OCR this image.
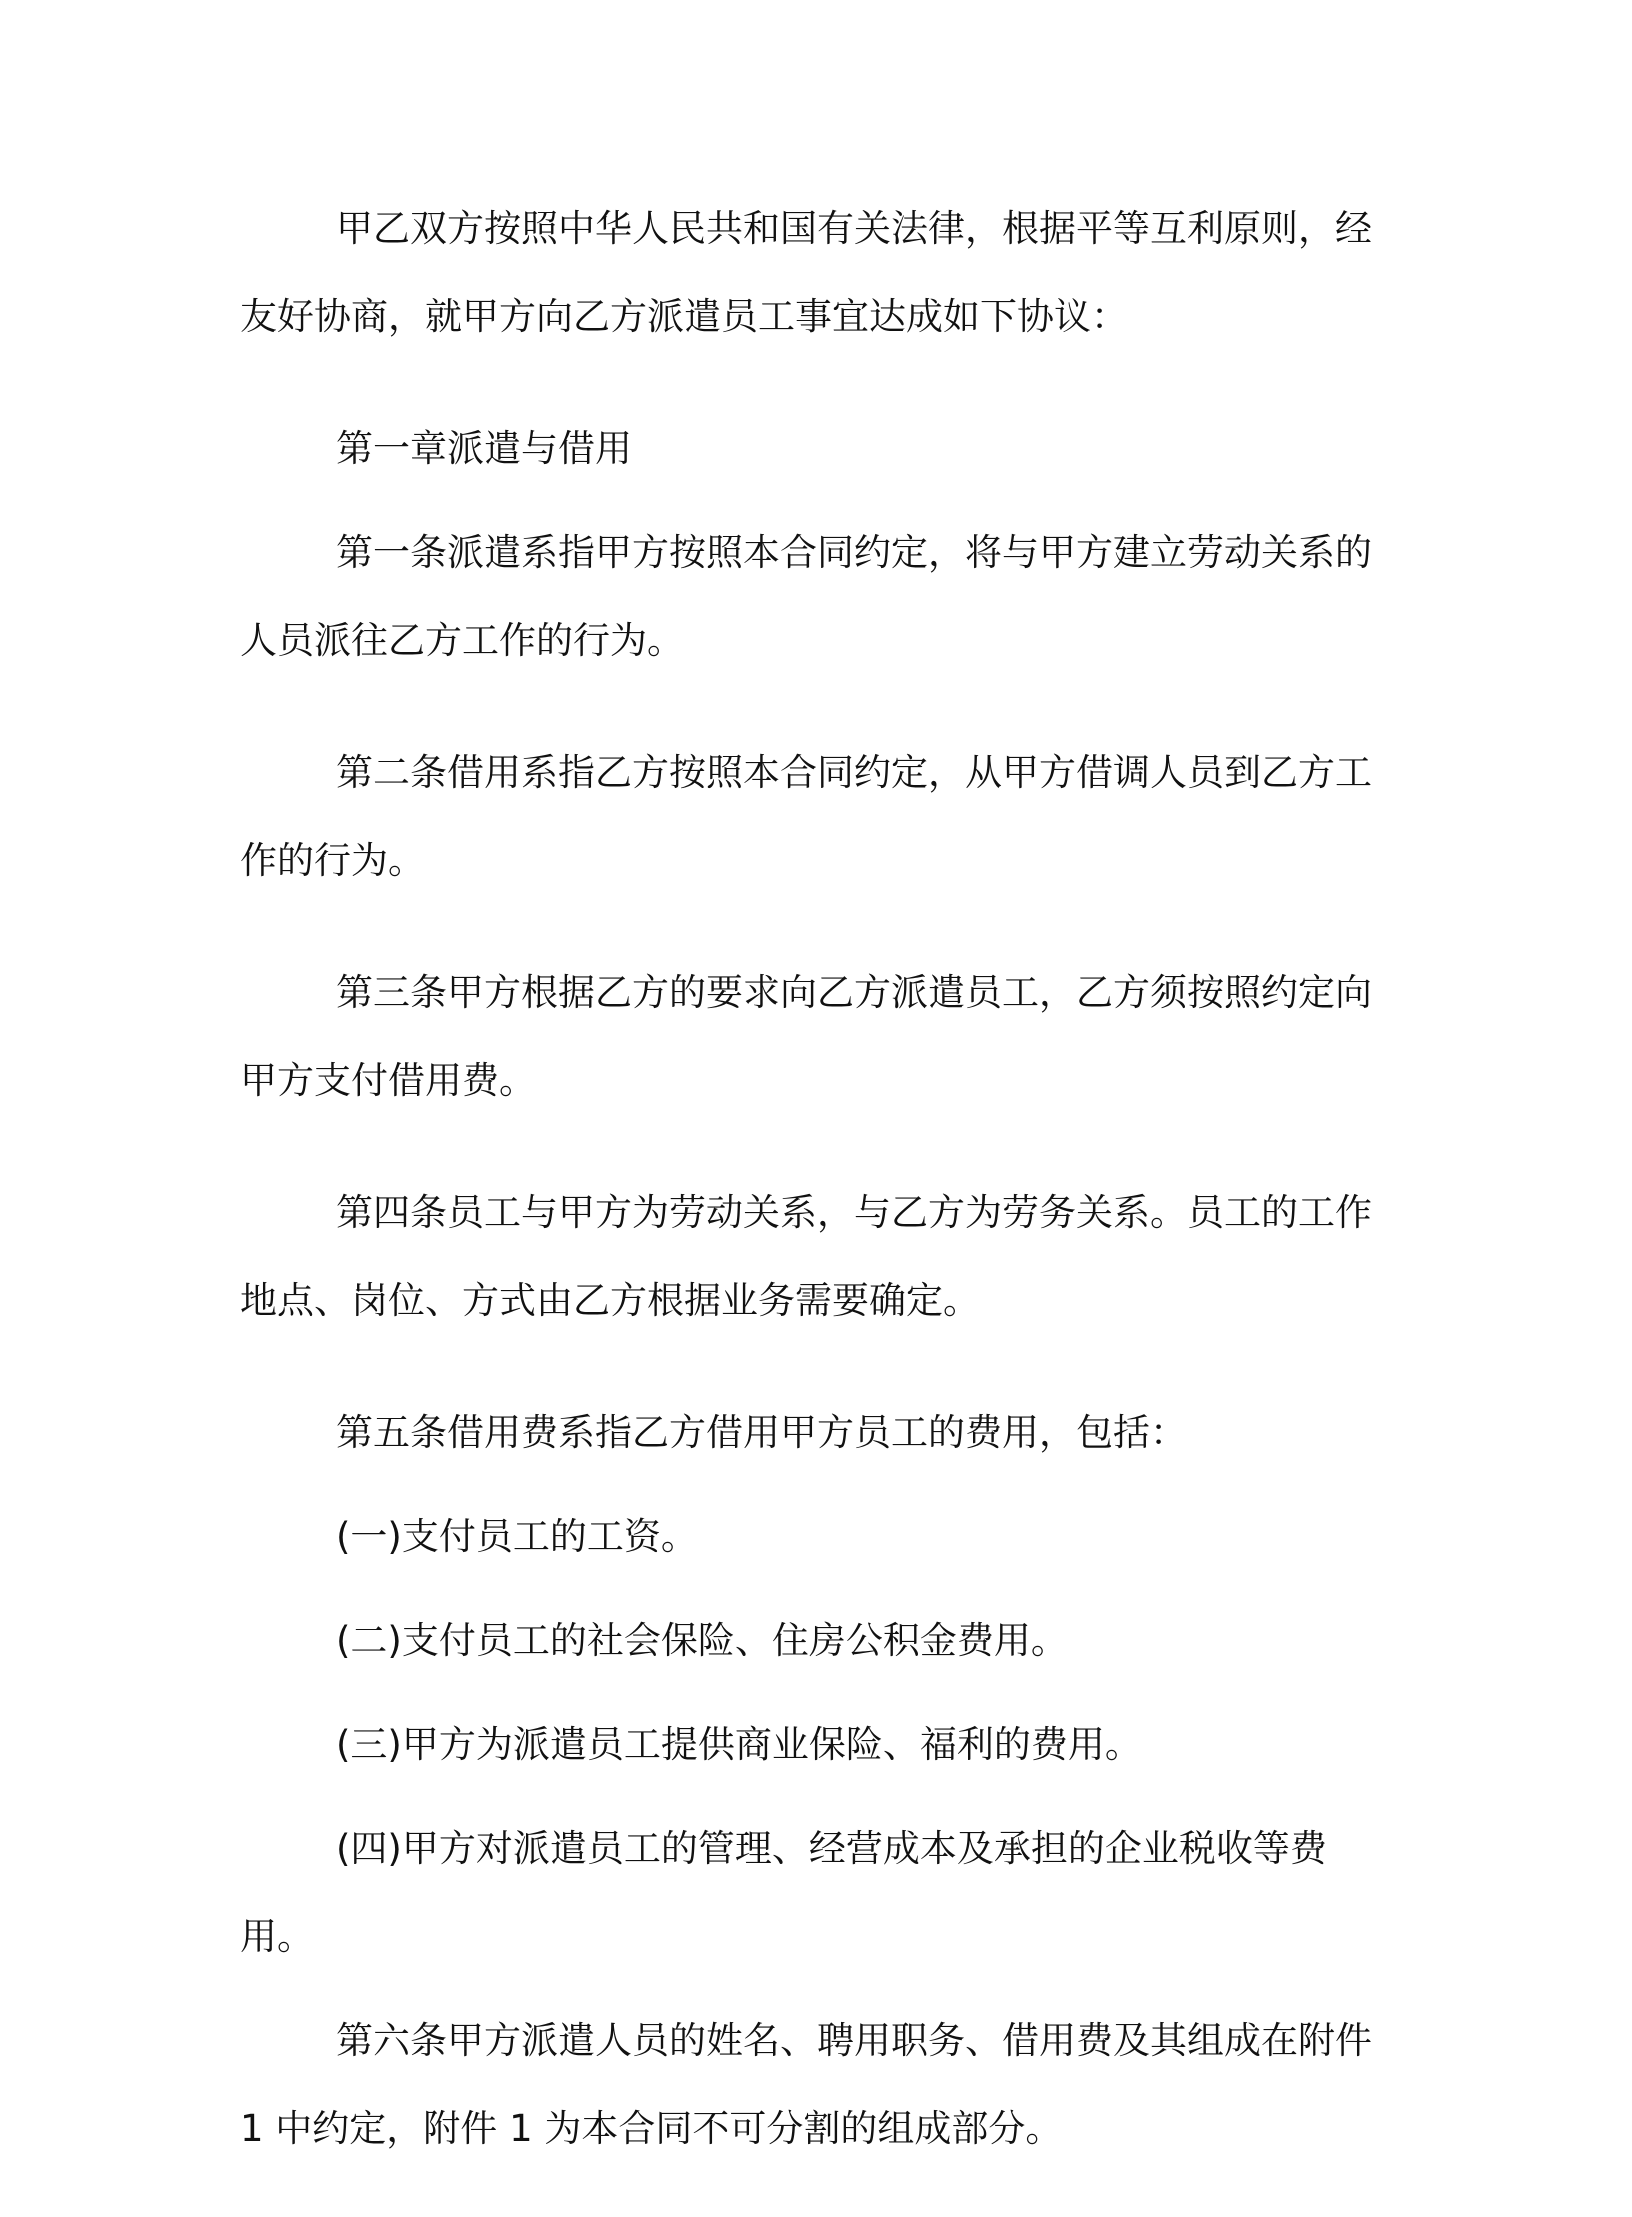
甲乙双方按照中华人民共和国有关法律，根据平等互利原则，经友好协商，就甲方向乙方派遣员工事宜达成如下协议：

第一章派遣与借用

第一条派遣系指甲方按照本合同约定，将与甲方建立劳动关系的人员派往乙方工作的行为。

第二条借用系指乙方按照本合同约定，从甲方借调人员到乙方工作的行为。

第三条甲方根据乙方的要求向乙方派遣员工，乙方须按照约定向甲方支付借用费。

第四条员工与甲方为劳动关系，与乙方为劳务关系。员工的工作地点、岗位、方式由乙方根据业务需要确定。

第五条借用费系指乙方借用甲方员工的费用，包括：

(一)支付员工的工资。

(二)支付员工的社会保险、住房公积金费用。

(三)甲方为派遣员工提供商业保险、福利的费用。

(四)甲方对派遣员工的管理、经营成本及承担的企业税收等费用。

第六条甲方派遣人员的姓名、聘用职务、借用费及其组成在附件 1 中约定，附件 1 为本合同不可分割的组成部分。
